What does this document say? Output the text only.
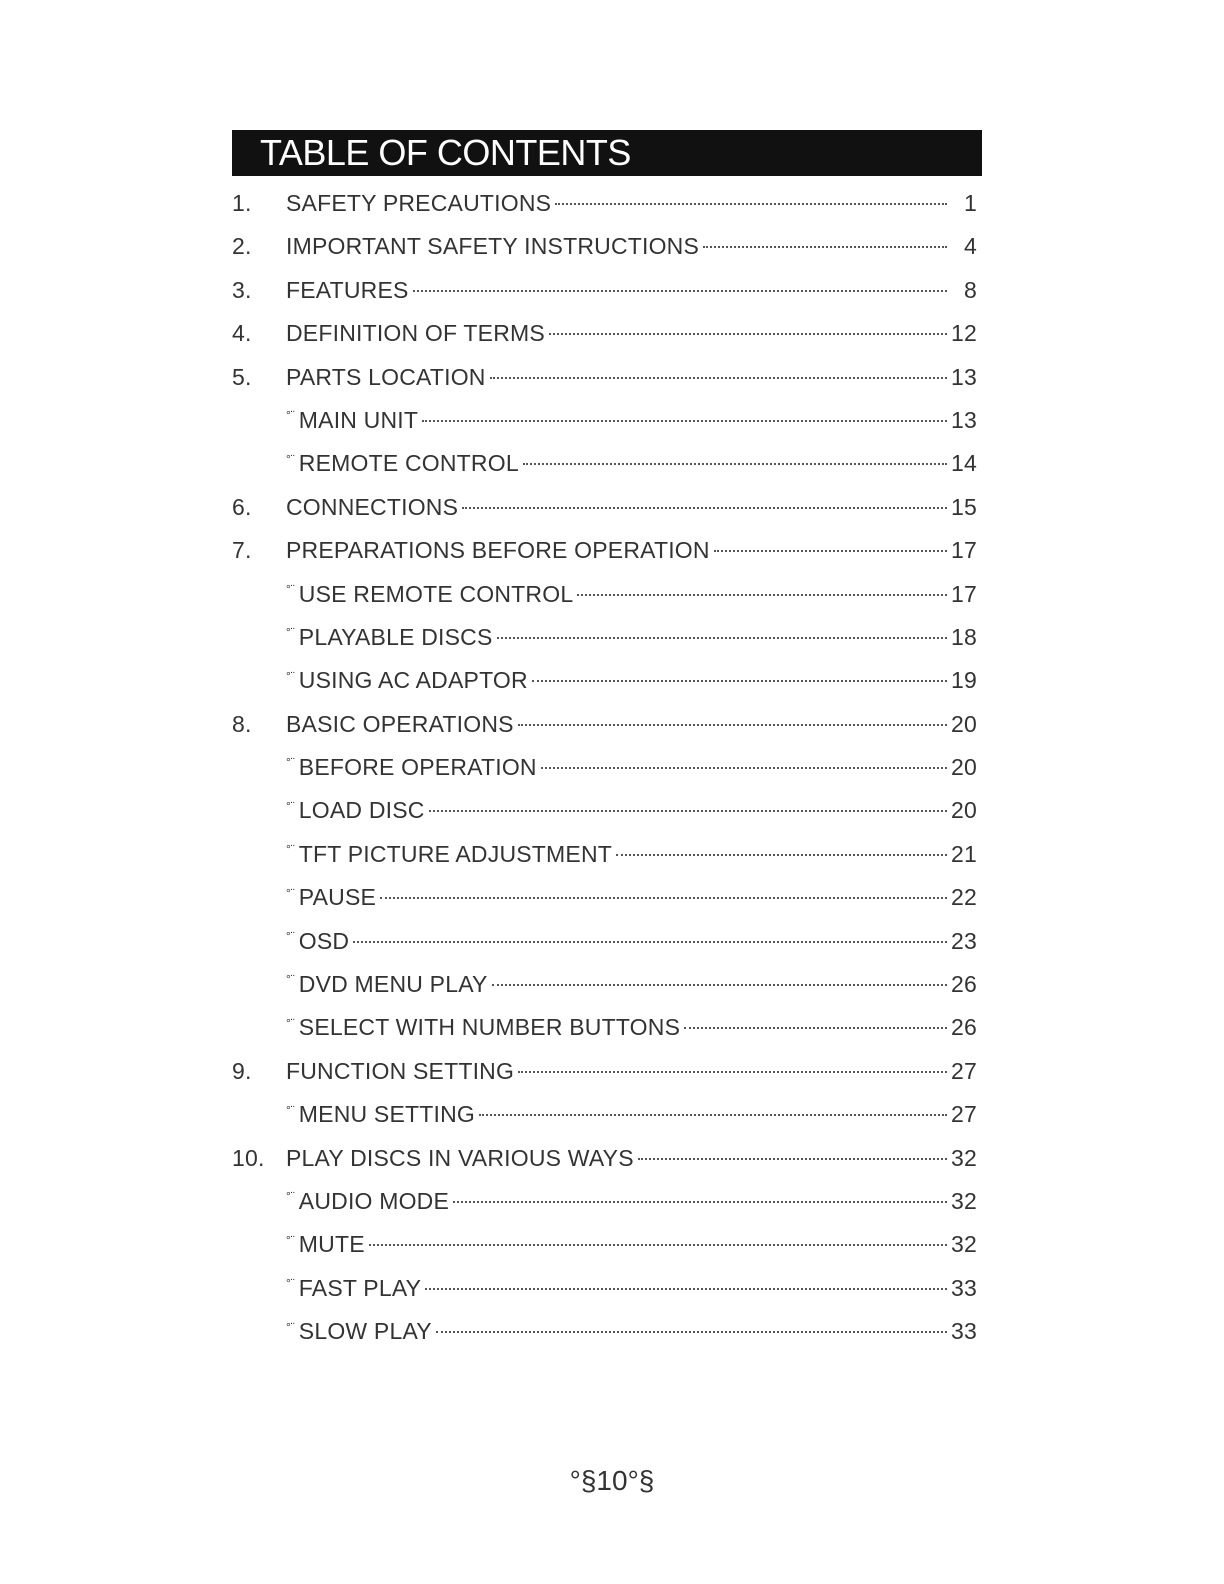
TABLE OF CONTENTS
1.	SAFETY PRECAUTIONS	1
2.	IMPORTANT SAFETY INSTRUCTIONS	4
3.	FEATURES	8
4.	DEFINITION OF TERMS	12
5.	PARTS LOCATION	13
°¨ MAIN UNIT	13
°¨ REMOTE CONTROL	14
6.	CONNECTIONS	15
7.	PREPARATIONS BEFORE OPERATION	17
°¨ USE REMOTE CONTROL	17
°¨ PLAYABLE DISCS	18
°¨ USING AC ADAPTOR	19
8.	BASIC OPERATIONS	20
°¨ BEFORE OPERATION	20
°¨ LOAD DISC	20
°¨ TFT PICTURE ADJUSTMENT	21
°¨ PAUSE	22
°¨ OSD	23
°¨ DVD MENU PLAY	26
°¨ SELECT WITH NUMBER BUTTONS	26
9.	FUNCTION SETTING	27
°¨ MENU SETTING	27
10. PLAY DISCS IN VARIOUS WAYS	32
°¨ AUDIO MODE	32
°¨ MUTE	32
°¨ FAST PLAY	33
°¨ SLOW PLAY	33
°§10°§
